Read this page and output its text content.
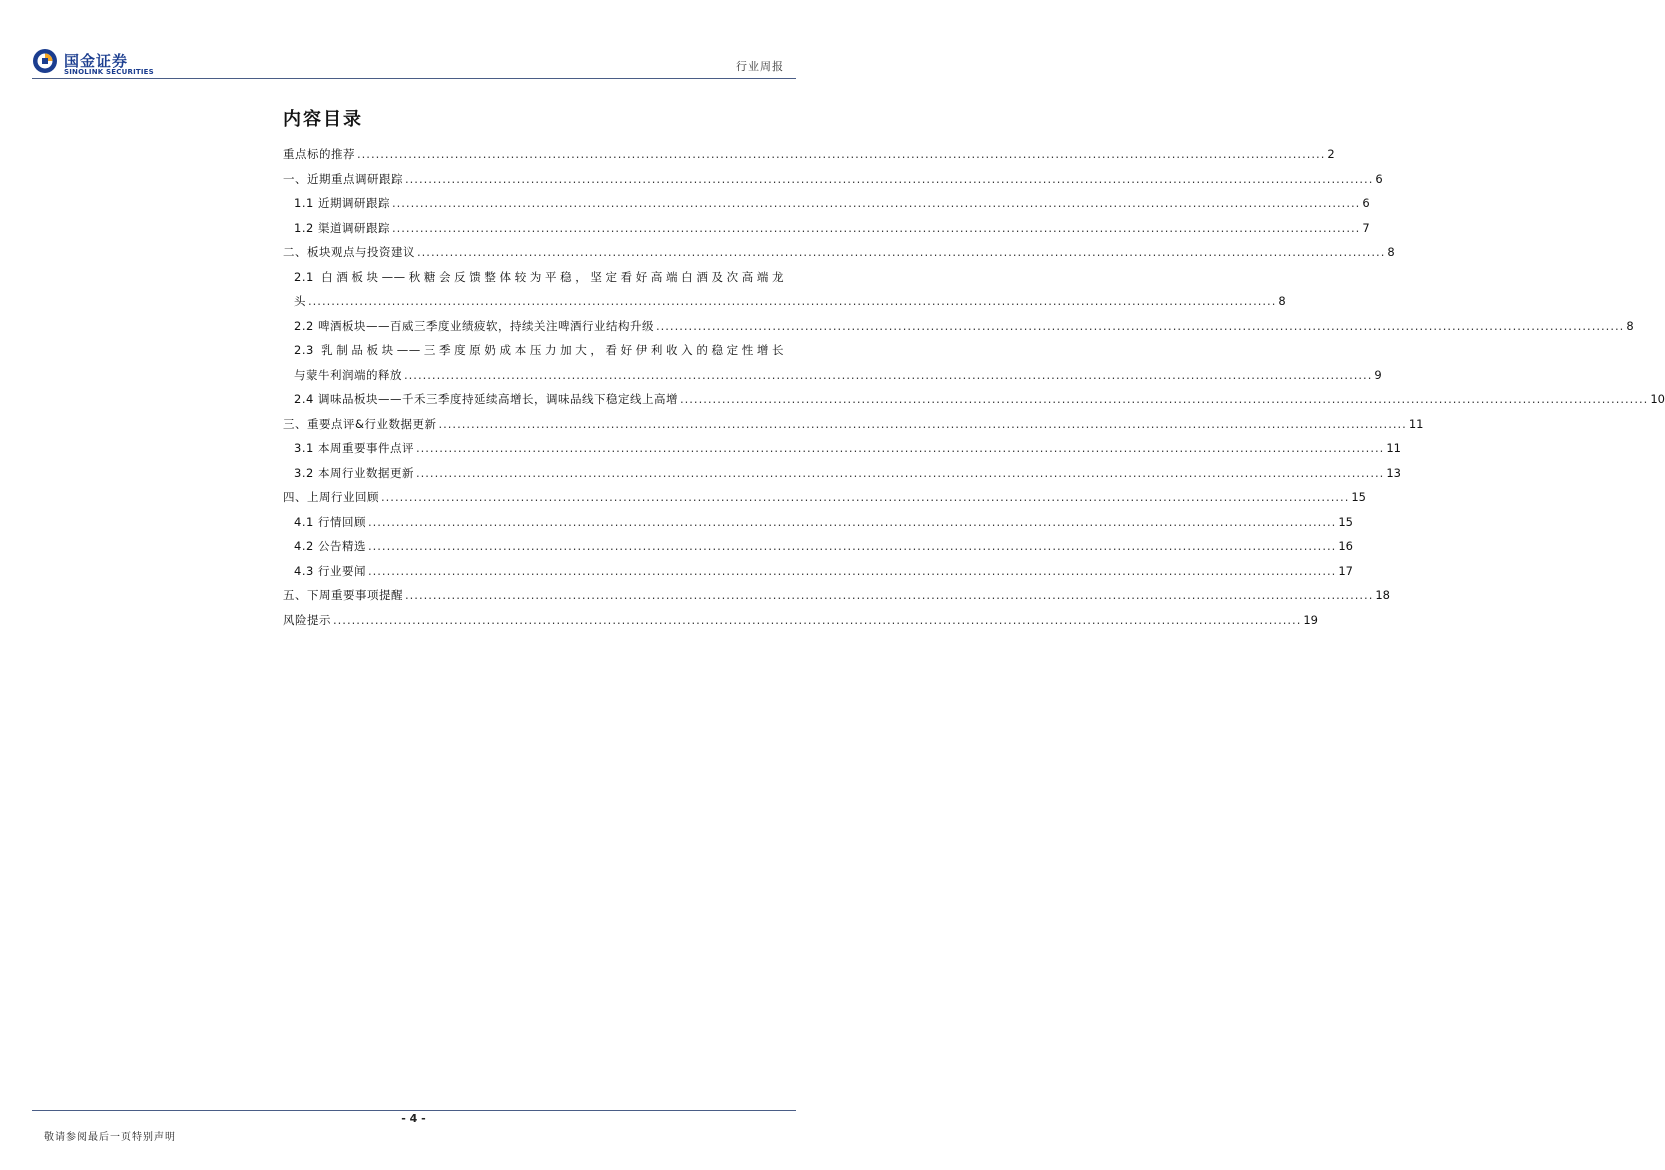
国金证券
SINOLINK SECURITIES	行业周报
内容目录
重点标的推荐 .....	2
一、近期重点调研跟踪 .....	6
1.1 近期调研跟踪 .....	6
1.2 渠道调研跟踪 .....	7
二、板块观点与投资建议 .....	8
2.1 白酒板块——秋糖会反馈整体较为平稳，坚定看好高端白酒及次高端龙
头 .....	8
2.2 啤酒板块——百威三季度业绩疲软，持续关注啤酒行业结构升级 .....	8
2.3 乳制品板块——三季度原奶成本压力加大，看好伊利收入的稳定性增长
与蒙牛利润端的释放 .....	9
2.4 调味品板块——千禾三季度持延续高增长，调味品线下稳定线上高增 .....	10
三、重要点评&行业数据更新 .....	11
3.1 本周重要事件点评 .....	11
3.2 本周行业数据更新 .....	13
四、上周行业回顾 .....	15
4.1 行情回顾 .....	15
4.2 公告精选 .....	16
4.3 行业要闻 .....	17
五、下周重要事项提醒 .....	18
风险提示 .....	19
- 4 -
敬请参阅最后一页特别声明
